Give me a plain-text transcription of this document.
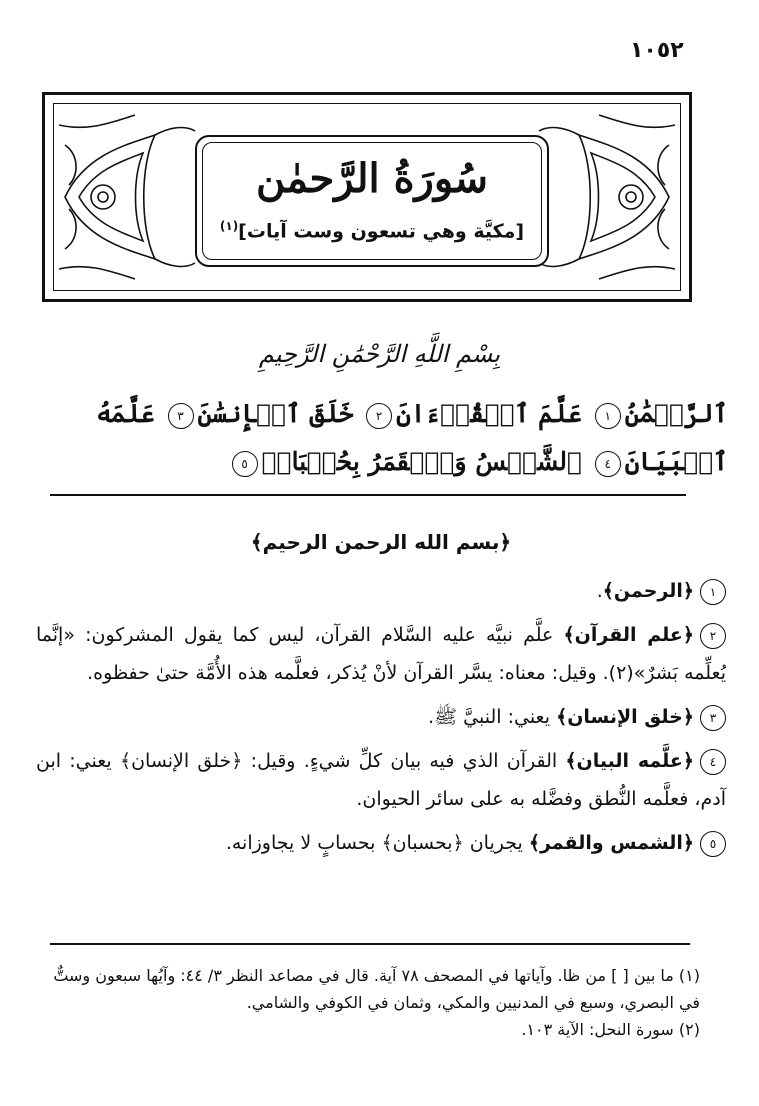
١٠٥٢
سُورَةُ الرَّحمٰن
[مكيَّة وهي تسعون وست آيات]$^{(١)}$
بِسْمِ اللَّهِ الرَّحْمَٰنِ الرَّحِيمِ
ٱلرَّحۡمَٰنُ١ عَلَّمَ ٱلۡقُرۡءَانَ٢ خَلَقَ ٱلۡإِنسَٰنَ٣ عَلَّمَهُ ٱلۡبَيَانَ٤ ٱلشَّمۡسُ وَٱلۡقَمَرُ بِحُسۡبَانٖ٥
﴿بسم الله الرحمن الرحيم﴾
١﴿الرحمن﴾.
٢﴿علم القرآن﴾ علَّم نبيَّه عليه السَّلام القرآن، ليس كما يقول المشركون: «إنَّما يُعلِّمه بَشرٌ»(٢). وقيل: معناه: يسَّر القرآن لأنْ يُذكر، فعلَّمه هذه الأُمَّة حتىٰ حفظوه.
٣﴿خلق الإنسان﴾ يعني: النبيَّ ﷺ.
٤﴿علَّمه البيان﴾ القرآن الذي فيه بيان كلِّ شيءٍ. وقيل: ﴿خلق الإنسان﴾ يعني: ابن آدم، فعلَّمه النُّطق وفضَّله به على سائر الحيوان.
٥﴿الشمس والقمر﴾ يجريان ﴿بحسبان﴾ بحسابٍ لا يجاوزانه.

(١) ما بين [ ] من ظا. وآياتها في المصحف ٧٨ آية. قال في مصاعد النظر ٣/ ٤٤: وآيُها سبعون وستٌّ في البصري، وسبع في المدنيين والمكي، وثمان في الكوفي والشامي.

(٢) سورة النحل: الآية ١٠٣.
